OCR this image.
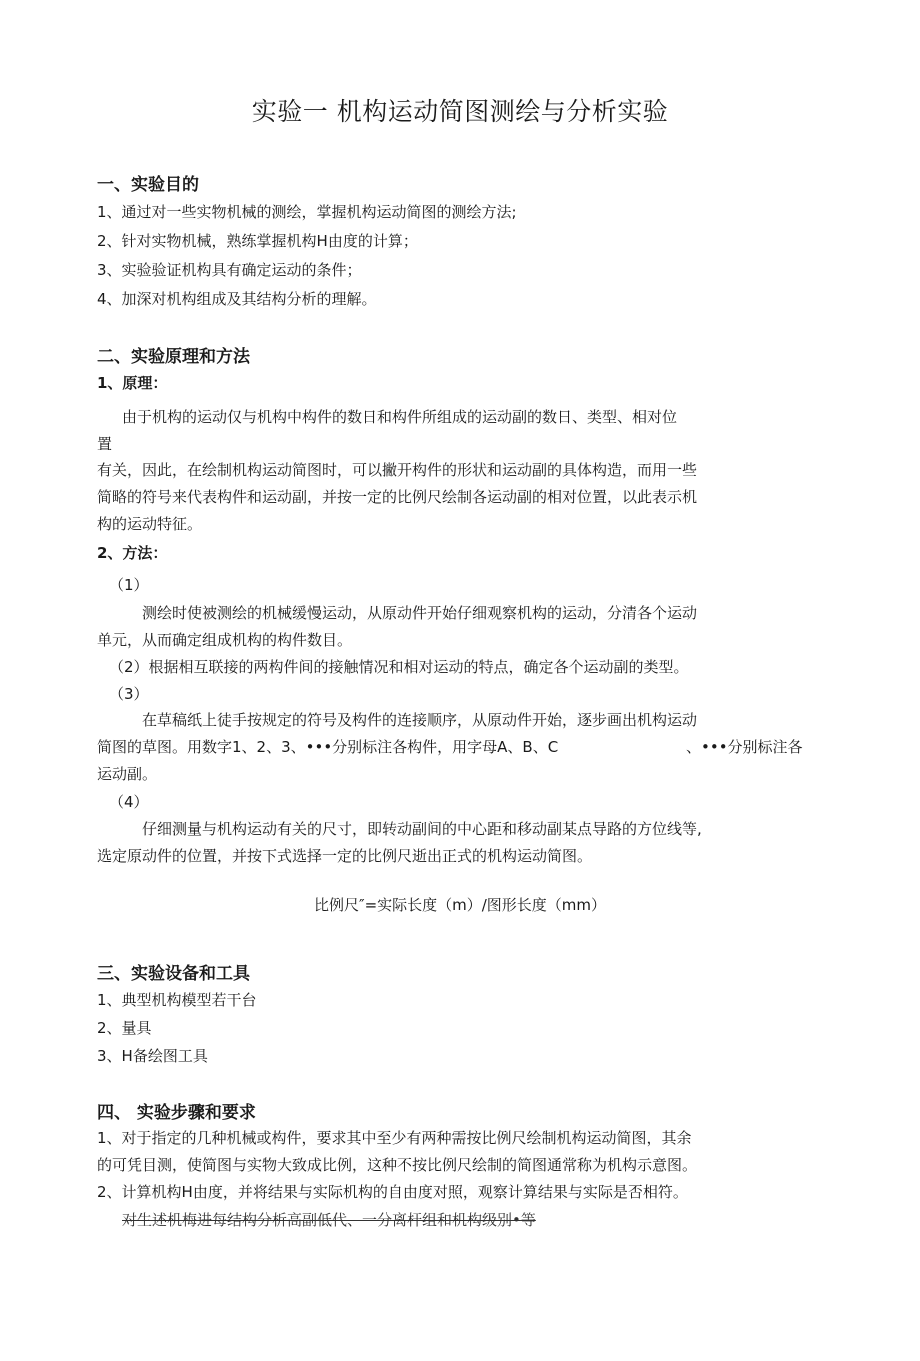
实验一 机构运动简图测绘与分析实验
一、实验目的
1、通过对一些实物机械的测绘，掌握机构运动简图的测绘方法;
2、针对实物机械，熟练掌握机构H由度的计算；
3、实验验证机构具有确定运动的条件；
4、加深对机构组成及其结构分析的理解。
二、实验原理和方法
1、原理：
由于机构的运动仅与机构中构件的数日和构件所组成的运动副的数日、类型、相对位
置
有关，因此，在绘制机构运动简图时，可以撇开构件的形状和运动副的具体构造，而用一些
简略的符号来代表构件和运动副，并按一定的比例尺绘制各运动副的相对位置，以此表示机
构的运动特征。
2、方法：
（1）
测绘时使被测绘的机械缓慢运动，从原动件开始仔细观察机构的运动，分清各个运动
单元，从而确定组成机构的构件数目。
（2）根据相互联接的两构件间的接触情况和相对运动的特点，确定各个运动副的类型。
（3）
在草稿纸上徒手按规定的符号及构件的连接顺序，从原动件开始，逐步画出机构运动
简图的草图。用数字1、2、3、•••分别标注各构件，用字母A、B、C	、•••分别标注各
运动副。
（4）
仔细测量与机构运动有关的尺寸，即转动副间的中心距和移动副某点导路的方位线等,
选定原动件的位置，并按下式选择一定的比例尺逝出正式的机构运动简图。
比例尺″=实际长度（m）/图形长度（mm）
三、实验设备和工具
1、典型机构模型若干台
2、量具
3、H备绘图工具
四、 实验步骤和要求
1、对于指定的几种机械或构件，要求其中至少有两种需按比例尺绘制机构运动简图，其余
的可凭目测，使简图与实物大致成比例，这种不按比例尺绘制的简图通常称为机构示意图。
2、计算机构H由度，并将结果与实际机构的自由度对照，观察计算结果与实际是否相符。
对生述机梅进每结构分析高副低代、一分离杆组和机构级别•等
